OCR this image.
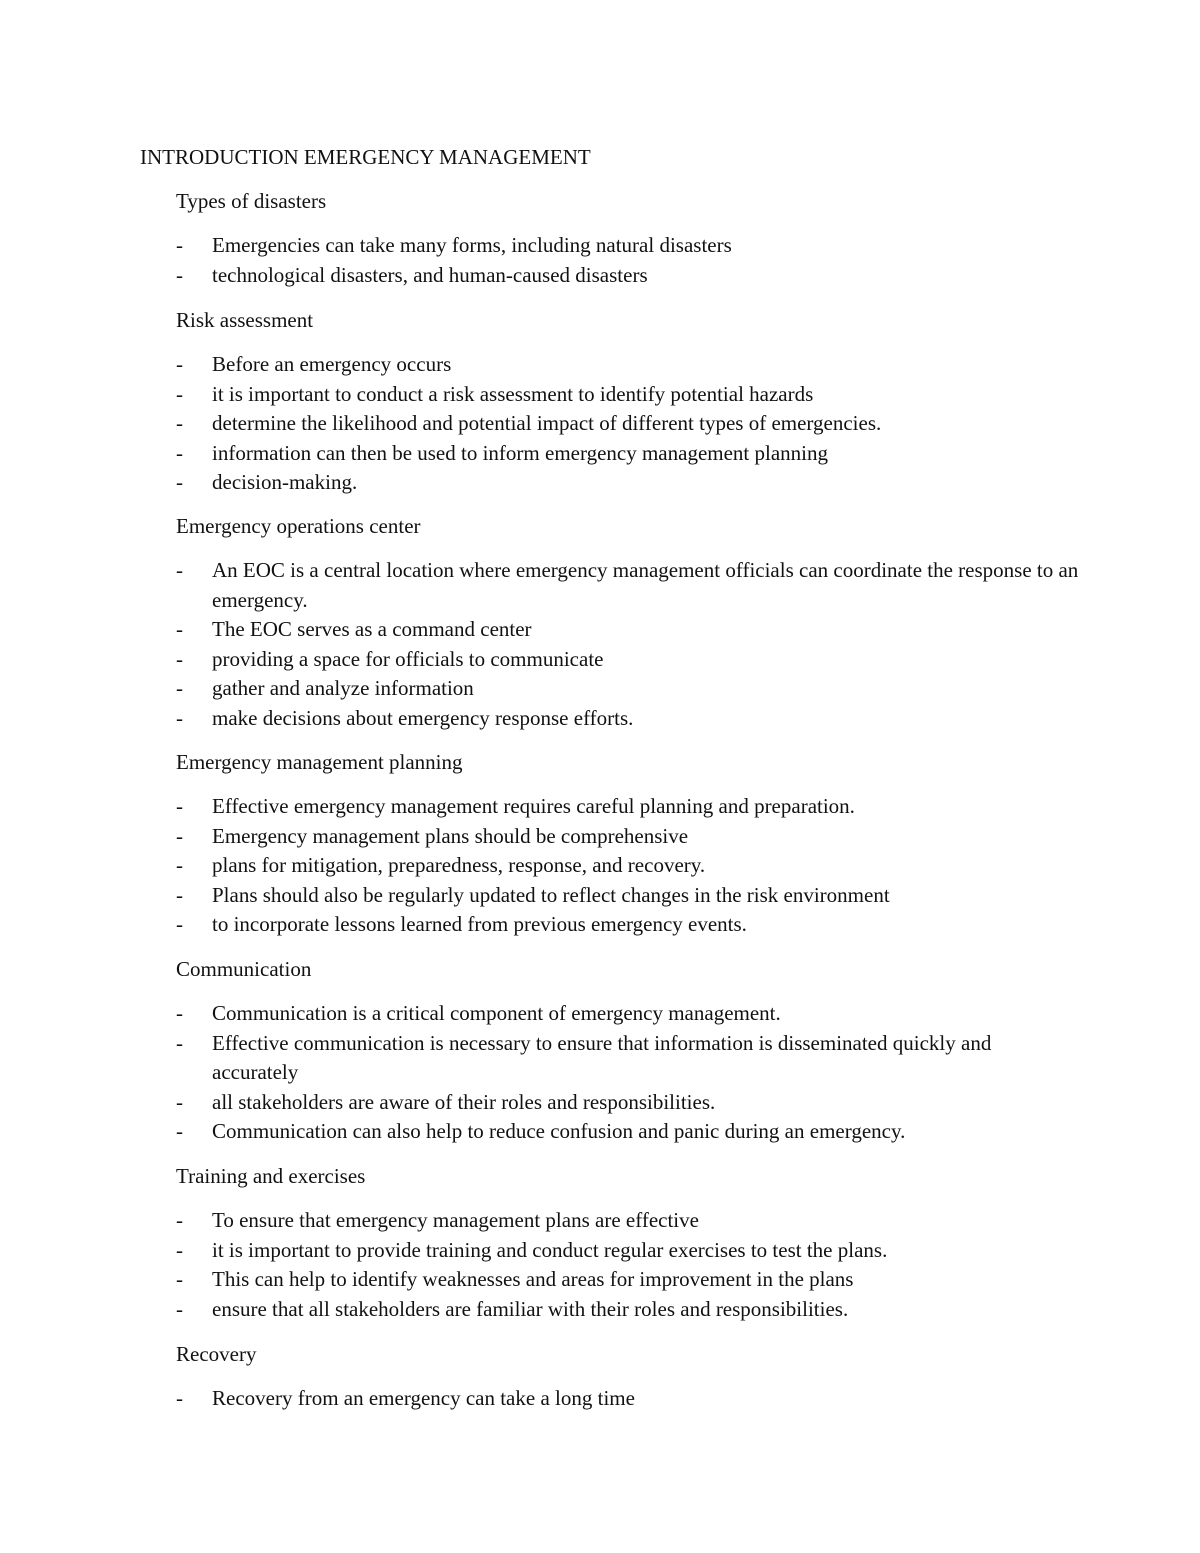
INTRODUCTION EMERGENCY MANAGEMENT
Types of disasters
-	Emergencies can take many forms, including natural disasters
-	technological disasters, and human-caused disasters
Risk assessment
-	Before an emergency occurs
-	it is important to conduct a risk assessment to identify potential hazards
-	determine the likelihood and potential impact of different types of emergencies.
-	information can then be used to inform emergency management planning
-	decision-making.
Emergency operations center
-	An EOC is a central location where emergency management officials can coordinate the response to an emergency.
-	The EOC serves as a command center
-	providing a space for officials to communicate
-	gather and analyze information
-	make decisions about emergency response efforts.
Emergency management planning
-	Effective emergency management requires careful planning and preparation.
-	Emergency management plans should be comprehensive
-	plans for mitigation, preparedness, response, and recovery.
-	Plans should also be regularly updated to reflect changes in the risk environment
-	to incorporate lessons learned from previous emergency events.
Communication
-	Communication is a critical component of emergency management.
-	Effective communication is necessary to ensure that information is disseminated quickly and accurately
-	all stakeholders are aware of their roles and responsibilities.
-	Communication can also help to reduce confusion and panic during an emergency.
Training and exercises
-	To ensure that emergency management plans are effective
-	it is important to provide training and conduct regular exercises to test the plans.
-	This can help to identify weaknesses and areas for improvement in the plans
-	ensure that all stakeholders are familiar with their roles and responsibilities.
Recovery
-	Recovery from an emergency can take a long time
